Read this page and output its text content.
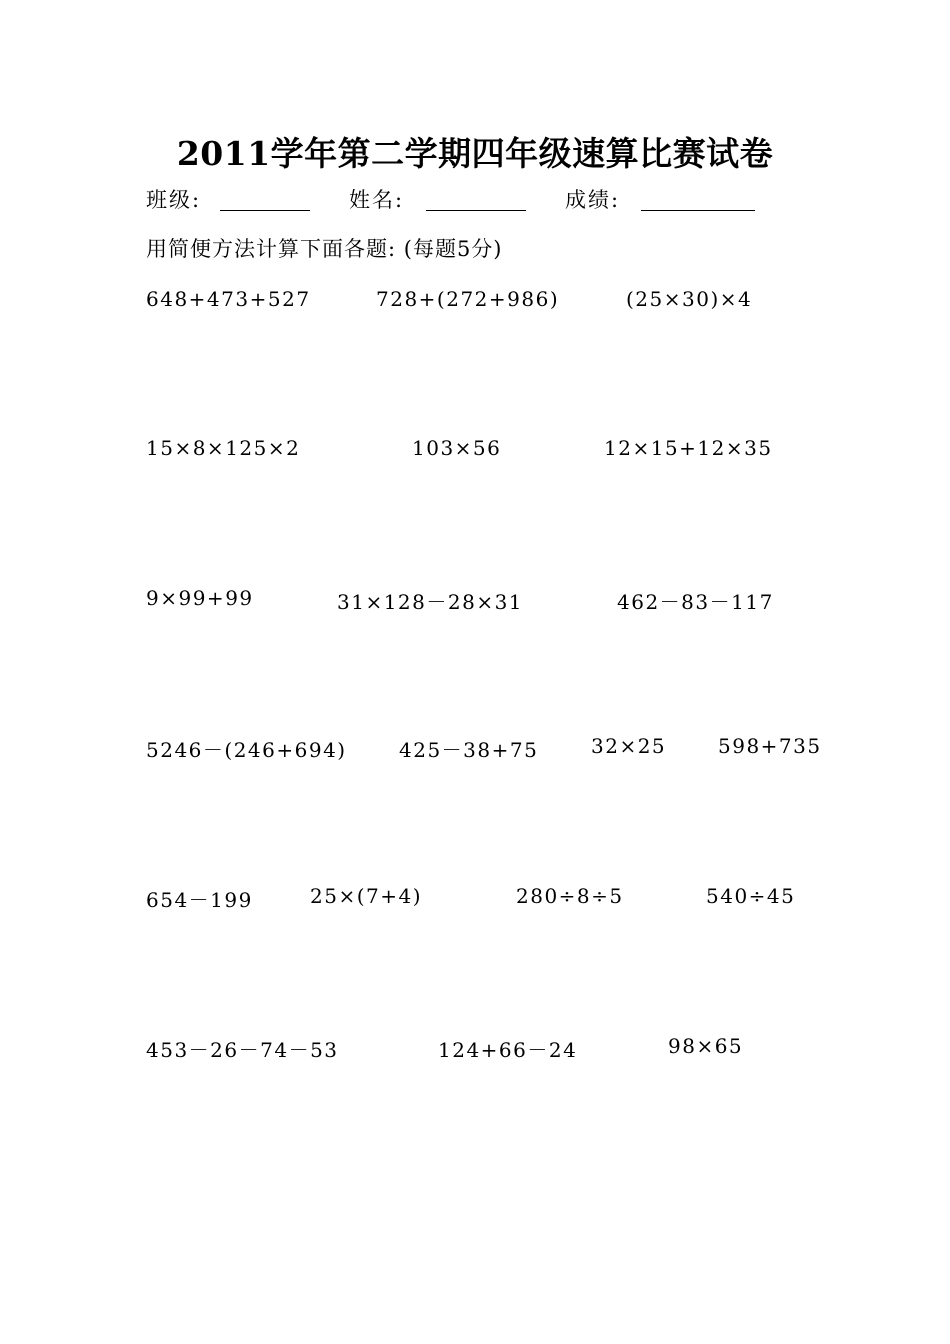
2011学年第二学期四年级速算比赛试卷
班级:	姓名:	成绩:
用简便方法计算下面各题: (每题5分)
648+473+527	728+(272+986)	(25×30)×4
15×8×125×2	103×56	12×15+12×35
9×99+99	31×128－28×31	462－83－117
5246－(246+694)	425－38+75	32×25	598+735
654－199	25×(7+4)	280÷8÷5	540÷45
453－26－74－53	124+66－24	98×65
